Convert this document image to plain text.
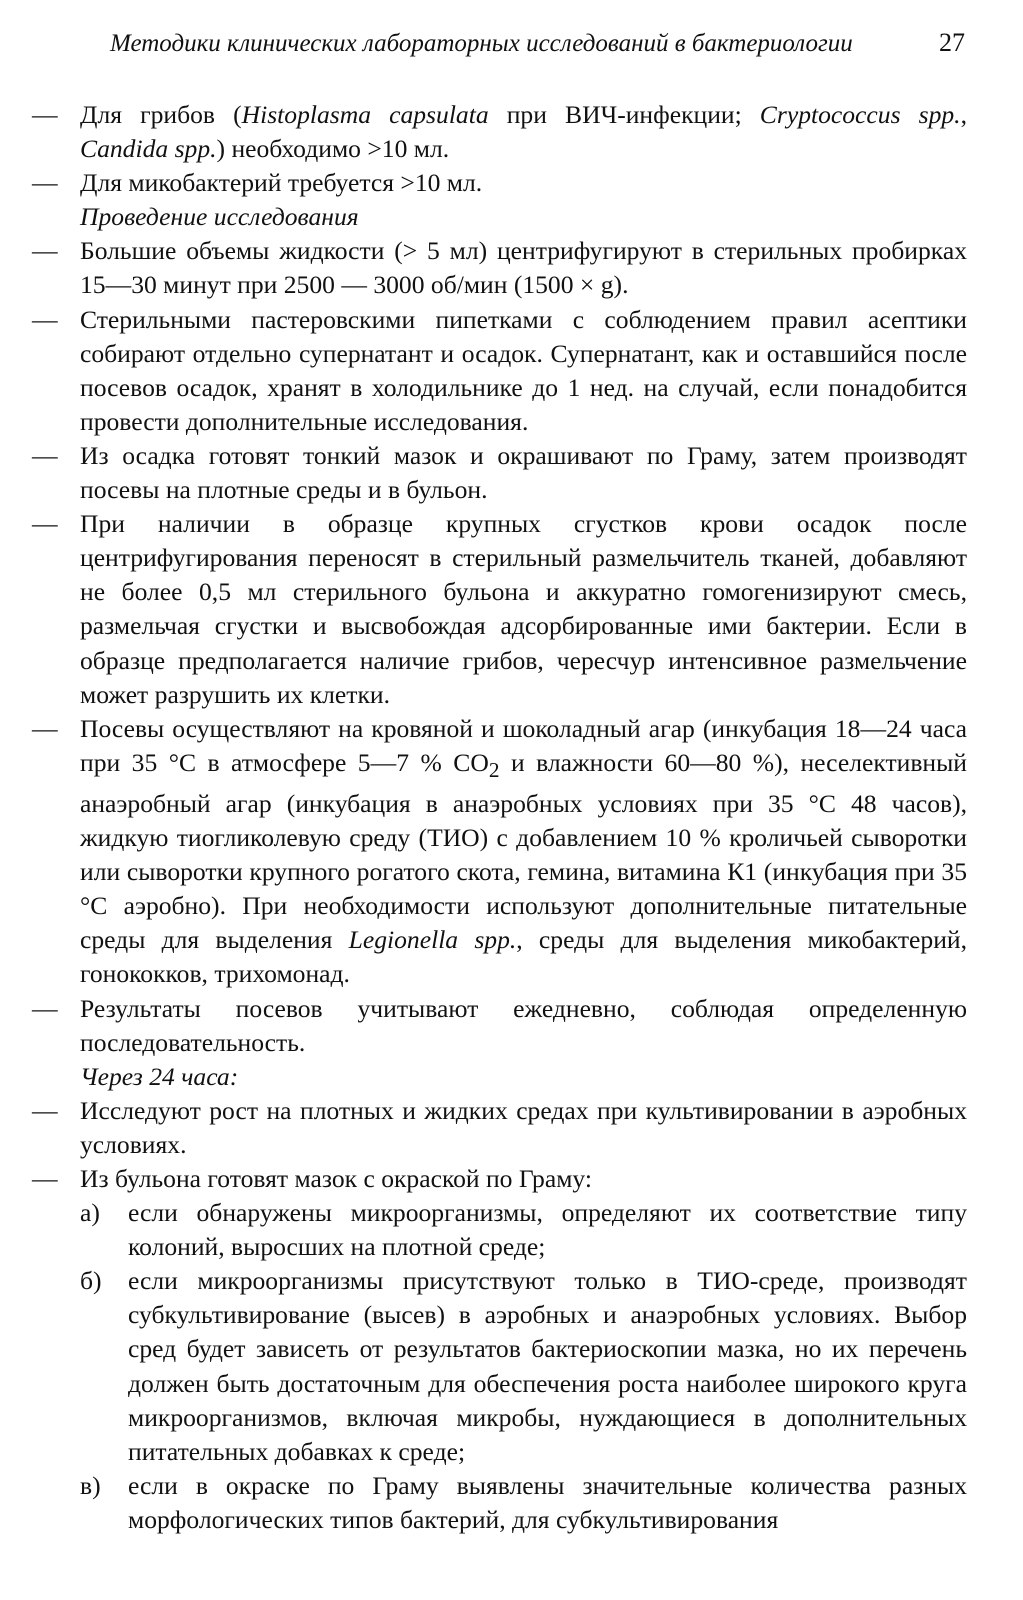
Методики клинических лабораторных исследований в бактериологии	27
— Для грибов (Histoplasma capsulata при ВИЧ-инфекции; Cryptococcus spp., Candida spp.) необходимо >10 мл.
— Для микобактерий требуется >10 мл.
Проведение исследования
— Большие объемы жидкости (> 5 мл) центрифугируют в стерильных пробирках 15—30 минут при 2500 — 3000 об/мин (1500 × g).
— Стерильными пастеровскими пипетками с соблюдением правил асептики собирают отдельно супернатант и осадок. Супернатант, как и оставшийся после посевов осадок, хранят в холодильнике до 1 нед. на случай, если понадобится провести дополнительные исследования.
— Из осадка готовят тонкий мазок и окрашивают по Граму, затем производят посевы на плотные среды и в бульон.
— При наличии в образце крупных сгустков крови осадок после центрифугирования переносят в стерильный размельчитель тканей, добавляют не более 0,5 мл стерильного бульона и аккуратно гомогенизируют смесь, размельчая сгустки и высвобождая адсорбированные ими бактерии. Если в образце предполагается наличие грибов, чересчур интенсивное размельчение может разрушить их клетки.
— Посевы осуществляют на кровяной и шоколадный агар (инкубация 18—24 часа при 35 °C в атмосфере 5—7 % $CO_2$ и влажности 60—80 %), неселективный анаэробный агар (инкубация в анаэробных условиях при 35 °C 48 часов), жидкую тиогликолевую среду (ТИО) с добавлением 10 % кроличьей сыворотки или сыворотки крупного рогатого скота, гемина, витамина К1 (инкубация при 35 °C аэробно). При необходимости используют дополнительные питательные среды для выделения Legionella spp., среды для выделения микобактерий, гонококков, трихомонад.
— Результаты посевов учитывают ежедневно, соблюдая определенную последовательность.
Через 24 часа:
— Исследуют рост на плотных и жидких средах при культивировании в аэробных условиях.
— Из бульона готовят мазок с окраской по Граму:
а)	если обнаружены микроорганизмы, определяют их соответствие типу колоний, выросших на плотной среде;
б)	если микроорганизмы присутствуют только в ТИО-среде, производят субкультивирование (высев) в аэробных и анаэробных условиях. Выбор сред будет зависеть от результатов бактериоскопии мазка, но их перечень должен быть достаточным для обеспечения роста наиболее широкого круга микроорганизмов, включая микробы, нуждающиеся в дополнительных питательных добавках к среде;
в)	если в окраске по Граму выявлены значительные количества разных морфологических типов бактерий, для субкультивирования
